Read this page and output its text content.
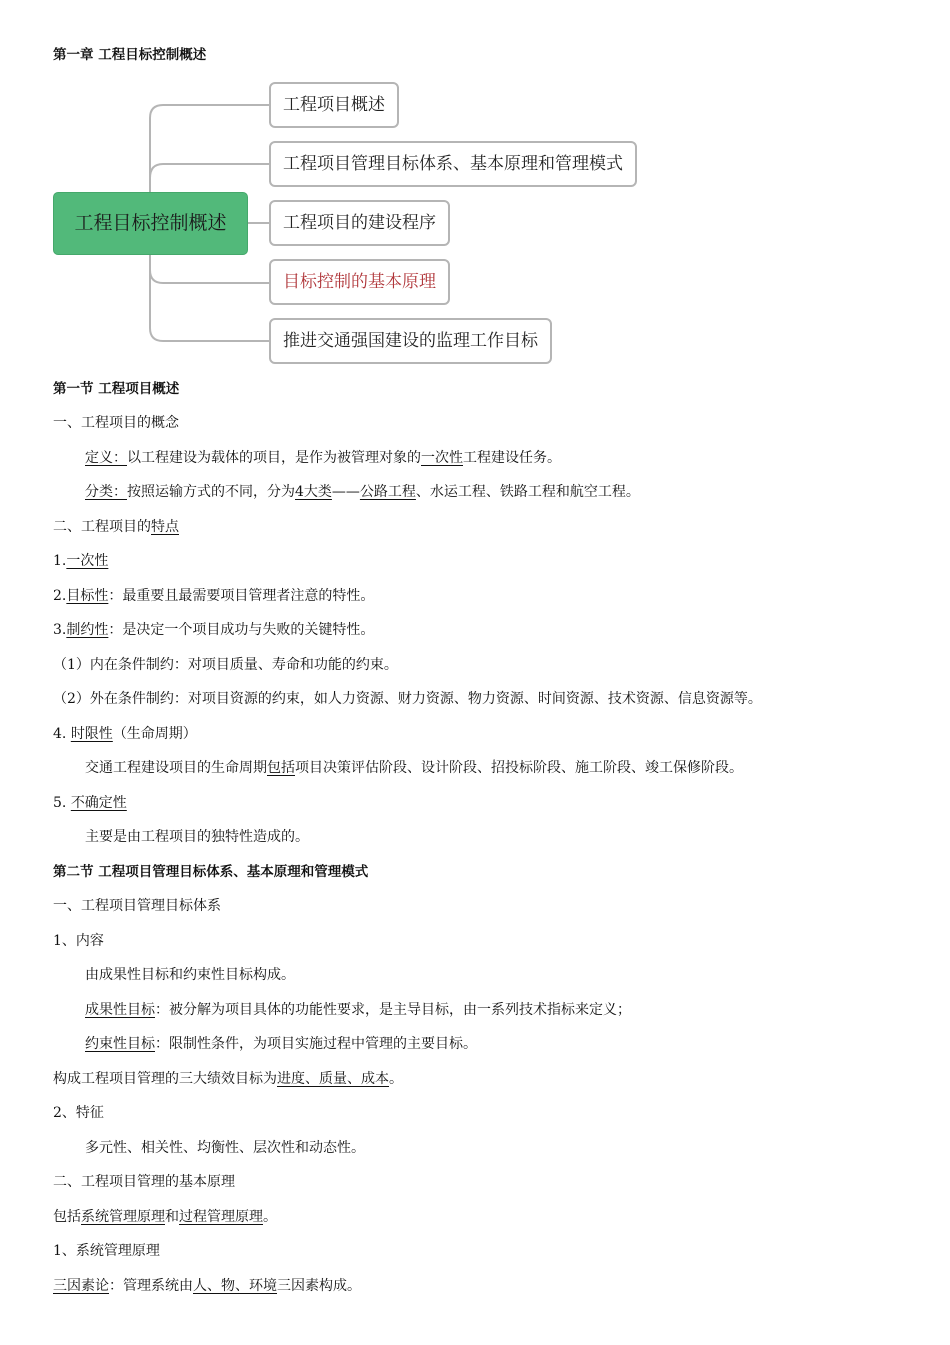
第一章 工程目标控制概述
工程目标控制概述
工程项目概述
工程项目管理目标体系、基本原理和管理模式
工程项目的建设程序
目标控制的基本原理
推进交通强国建设的监理工作目标
第一节 工程项目概述
一、工程项目的概念
定义：以工程建设为载体的项目，是作为被管理对象的一次性工程建设任务。
分类：按照运输方式的不同，分为4大类——公路工程、水运工程、铁路工程和航空工程。
二、工程项目的特点
1.一次性
2.目标性：最重要且最需要项目管理者注意的特性。
3.制约性：是决定一个项目成功与失败的关键特性。
（1）内在条件制约：对项目质量、寿命和功能的约束。
（2）外在条件制约：对项目资源的约束，如人力资源、财力资源、物力资源、时间资源、技术资源、信息资源等。
4. 时限性（生命周期）
交通工程建设项目的生命周期包括项目决策评估阶段、设计阶段、招投标阶段、施工阶段、竣工保修阶段。
5. 不确定性
主要是由工程项目的独特性造成的。
第二节 工程项目管理目标体系、基本原理和管理模式
一、工程项目管理目标体系
1、内容
由成果性目标和约束性目标构成。
成果性目标：被分解为项目具体的功能性要求，是主导目标，由一系列技术指标来定义；
约束性目标：限制性条件，为项目实施过程中管理的主要目标。
构成工程项目管理的三大绩效目标为进度、质量、成本。
2、特征
多元性、相关性、均衡性、层次性和动态性。
二、工程项目管理的基本原理
包括系统管理原理和过程管理原理。
1、系统管理原理
三因素论：管理系统由人、物、环境三因素构成。
